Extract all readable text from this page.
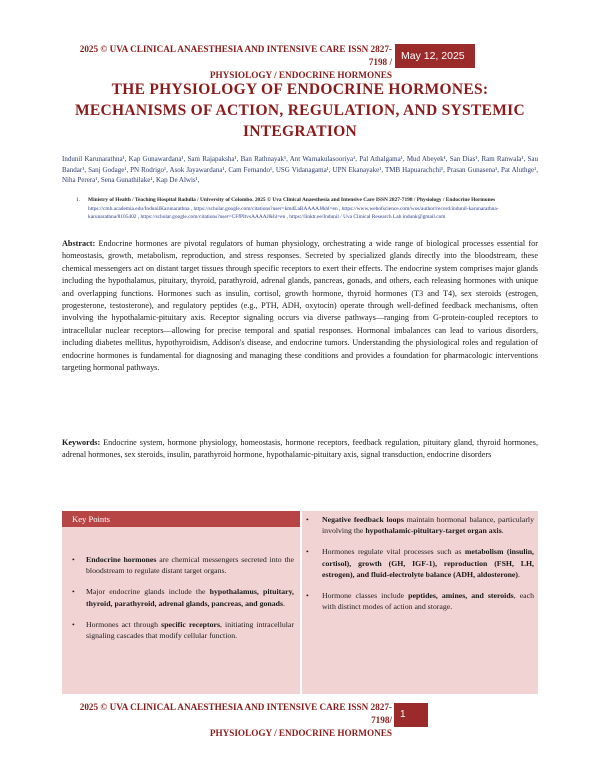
2025 © UVA CLINICAL ANAESTHESIA AND INTENSIVE CARE ISSN 2827-7198 /
PHYSIOLOGY / ENDOCRINE HORMONES
May 12, 2025
THE PHYSIOLOGY OF ENDOCRINE HORMONES: MECHANISMS OF ACTION, REGULATION, AND SYSTEMIC INTEGRATION
Indunil Karunarathna¹, Kap Gunawardana¹, Sam Rajapaksha¹, Ban Rathnayak¹, Ant Warnakulasooriya¹, Pal Athalgama¹, Mud Abeyek¹, San Dias¹, Ram Ranwala¹, Sau Bandar¹, Sanj Godage¹, PN Rodrigo¹, Asok Jayawardana¹, Cam Fernando¹, USG Vidanagama¹, UPN Ekanayake¹, TMB Hapuarachchi¹, Prasan Gunasena¹, Pat Aluthge¹, Niha Perera¹, Sena Gunathilake¹, Kap De Alwis¹,
1. Ministry of Health / Teaching Hospital Badulla / University of Colombo. 2025 © Uva Clinical Anaesthesia and Intensive Care ISSN 2827-7198 / Physiology / Endocrine Hormones https://cmb.academia.edu/IndunilKarunarathna , https://scholar.google.com/citations?user=kmdLaRAAAAJ&hl=en , https://www.webofscience.com/wos/author/record/indunil-karunarathna-karunarathna/8105402 , https://scholar.google.com/citations?user=CFfPItvsAAAAJ&hl=en , https://linktr.ee/Indunil / Uva Clinical Research Lab indunk@gmail.com
Abstract: Endocrine hormones are pivotal regulators of human physiology, orchestrating a wide range of biological processes essential for homeostasis, growth, metabolism, reproduction, and stress responses. Secreted by specialized glands directly into the bloodstream, these chemical messengers act on distant target tissues through specific receptors to exert their effects. The endocrine system comprises major glands including the hypothalamus, pituitary, thyroid, parathyroid, adrenal glands, pancreas, gonads, and others, each releasing hormones with unique and overlapping functions. Hormones such as insulin, cortisol, growth hormone, thyroid hormones (T3 and T4), sex steroids (estrogen, progesterone, testosterone), and regulatory peptides (e.g., PTH, ADH, oxytocin) operate through well-defined feedback mechanisms, often involving the hypothalamic-pituitary axis. Receptor signaling occurs via diverse pathways—ranging from G-protein-coupled receptors to intracellular nuclear receptors—allowing for precise temporal and spatial responses. Hormonal imbalances can lead to various disorders, including diabetes mellitus, hypothyroidism, Addison's disease, and endocrine tumors. Understanding the physiological roles and regulation of endocrine hormones is fundamental for diagnosing and managing these conditions and provides a foundation for pharmacologic interventions targeting hormonal pathways.
Keywords: Endocrine system, hormone physiology, homeostasis, hormone receptors, feedback regulation, pituitary gland, thyroid hormones, adrenal hormones, sex steroids, insulin, parathyroid hormone, hypothalamic-pituitary axis, signal transduction, endocrine disorders
Key Points
• Endocrine hormones are chemical messengers secreted into the bloodstream to regulate distant target organs.
• Major endocrine glands include the hypothalamus, pituitary, thyroid, parathyroid, adrenal glands, pancreas, and gonads.
• Hormones act through specific receptors, initiating intracellular signaling cascades that modify cellular function.
• Negative feedback loops maintain hormonal balance, particularly involving the hypothalamic-pituitary-target organ axis.
• Hormones regulate vital processes such as metabolism (insulin, cortisol), growth (GH, IGF-1), reproduction (FSH, LH, estrogen), and fluid-electrolyte balance (ADH, aldosterone).
• Hormone classes include peptides, amines, and steroids, each with distinct modes of action and storage.
2025 © UVA CLINICAL ANAESTHESIA AND INTENSIVE CARE ISSN 2827-7198/
PHYSIOLOGY / ENDOCRINE HORMONES
1
